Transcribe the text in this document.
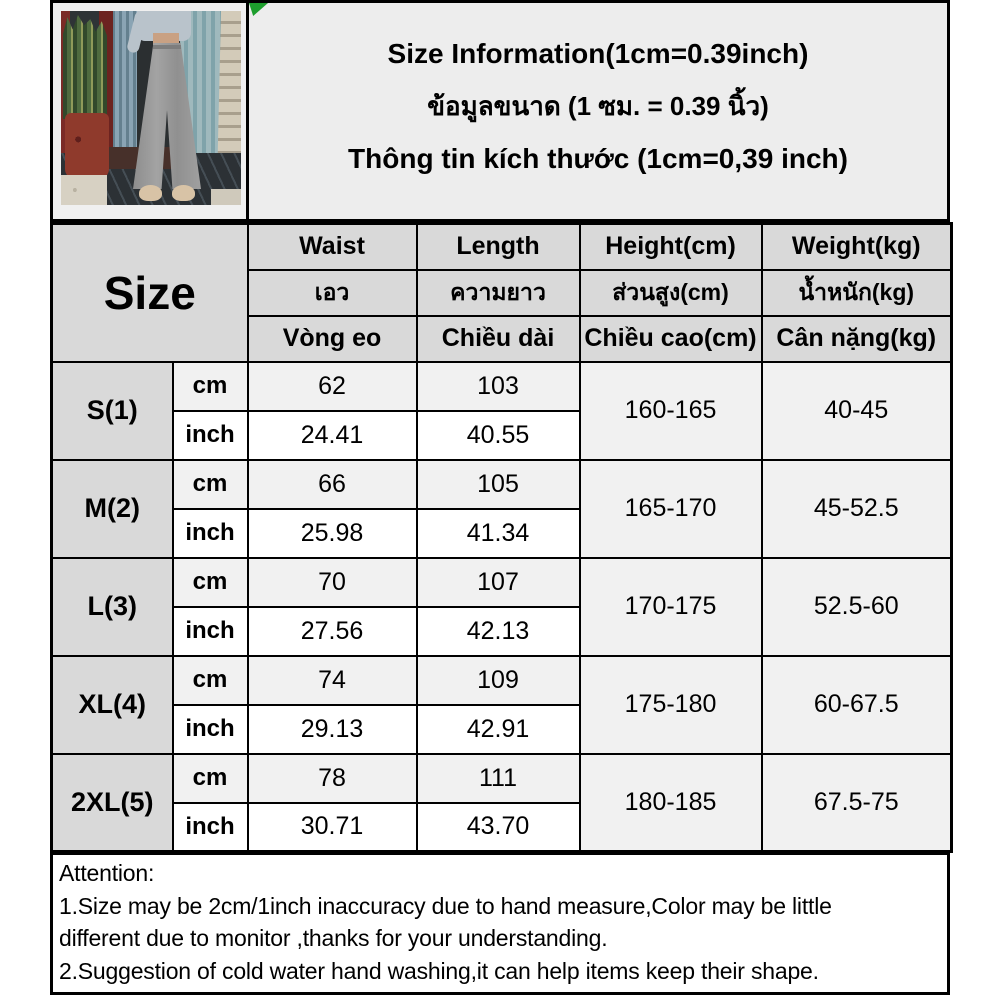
Size Information(1cm=0.39inch)
ข้อมูลขนาด (1 ซม. = 0.39 นิ้ว)
Thông tin kích thước (1cm=0,39 inch)
Size		Waist	Length	Height(cm)	Weight(kg)
		เอว	ความยาว	ส่วนสูง(cm)	น้ำหนัก(kg)
		Vòng eo	Chiều dài	Chiều cao(cm)	Cân nặng(kg)
S(1)	cm	62	103	160-165	40-45
	inch	24.41	40.55		
M(2)	cm	66	105	165-170	45-52.5
	inch	25.98	41.34		
L(3)	cm	70	107	170-175	52.5-60
	inch	27.56	42.13		
XL(4)	cm	74	109	175-180	60-67.5
	inch	29.13	42.91		
2XL(5)	cm	78	111	180-185	67.5-75
	inch	30.71	43.70		
Attention:
1.Size may be 2cm/1inch inaccuracy due to hand measure,Color may be little
different due to monitor ,thanks for your understanding.
2.Suggestion of cold water hand washing,it can help items keep their shape.
